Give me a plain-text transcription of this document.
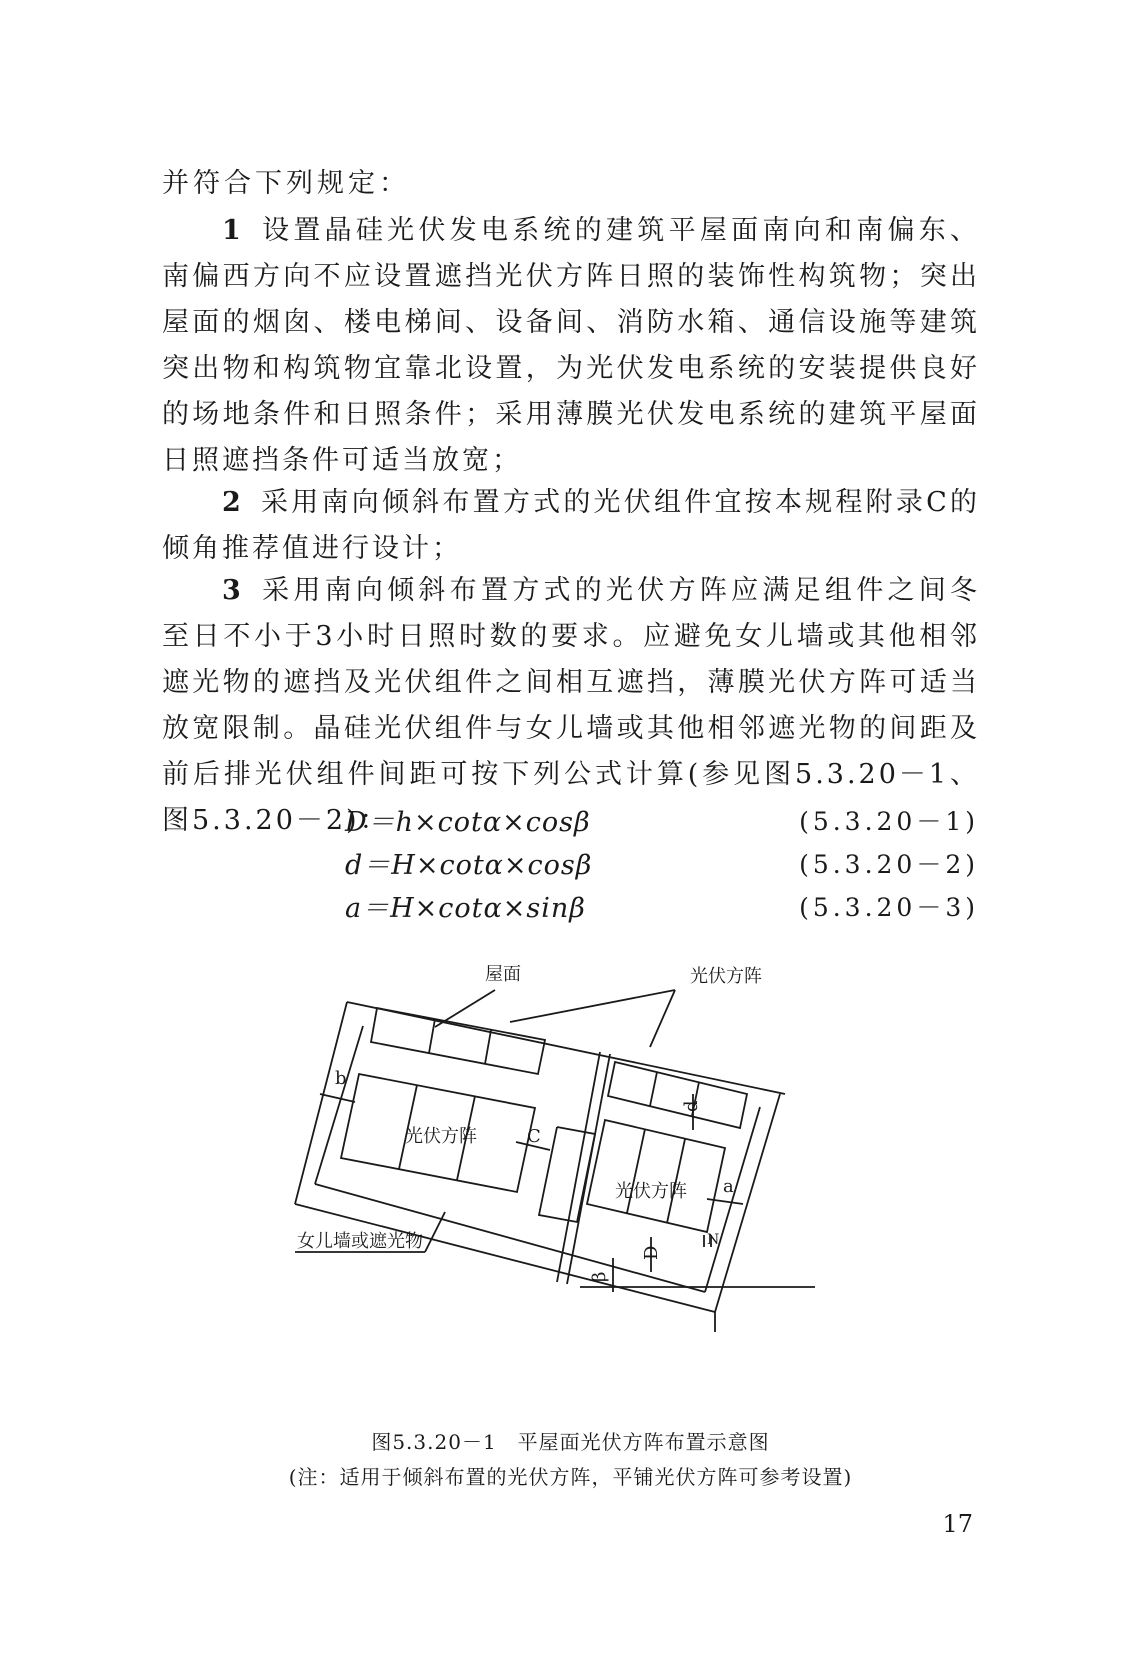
并符合下列规定：

1 设置晶硅光伏发电系统的建筑平屋面南向和南偏东、南偏西方向不应设置遮挡光伏方阵日照的装饰性构筑物；突出屋面的烟囱、楼电梯间、设备间、消防水箱、通信设施等建筑突出物和构筑物宜靠北设置，为光伏发电系统的安装提供良好的场地条件和日照条件；采用薄膜光伏发电系统的建筑平屋面日照遮挡条件可适当放宽；

2 采用南向倾斜布置方式的光伏组件宜按本规程附录C的倾角推荐值进行设计；

3 采用南向倾斜布置方式的光伏方阵应满足组件之间冬至日不小于3小时日照时数的要求。应避免女儿墙或其他相邻遮光物的遮挡及光伏组件之间相互遮挡，薄膜光伏方阵可适当放宽限制。晶硅光伏组件与女儿墙或其他相邻遮光物的间距及前后排光伏组件间距可按下列公式计算(参见图5.3.20－1、图5.3.20－2)：

D＝h×cotα×cosβ	(5.3.20－1)
d＝H×cotα×cosβ	(5.3.20－2)
a＝H×cotα×sinβ	(5.3.20－3)
屋面	光伏方阵
b
光伏方阵	C
d
光伏方阵 a
D
N
β
女儿墙或遮光物
图5.3.20－1　平屋面光伏方阵布置示意图
(注：适用于倾斜布置的光伏方阵，平铺光伏方阵可参考设置)
17
